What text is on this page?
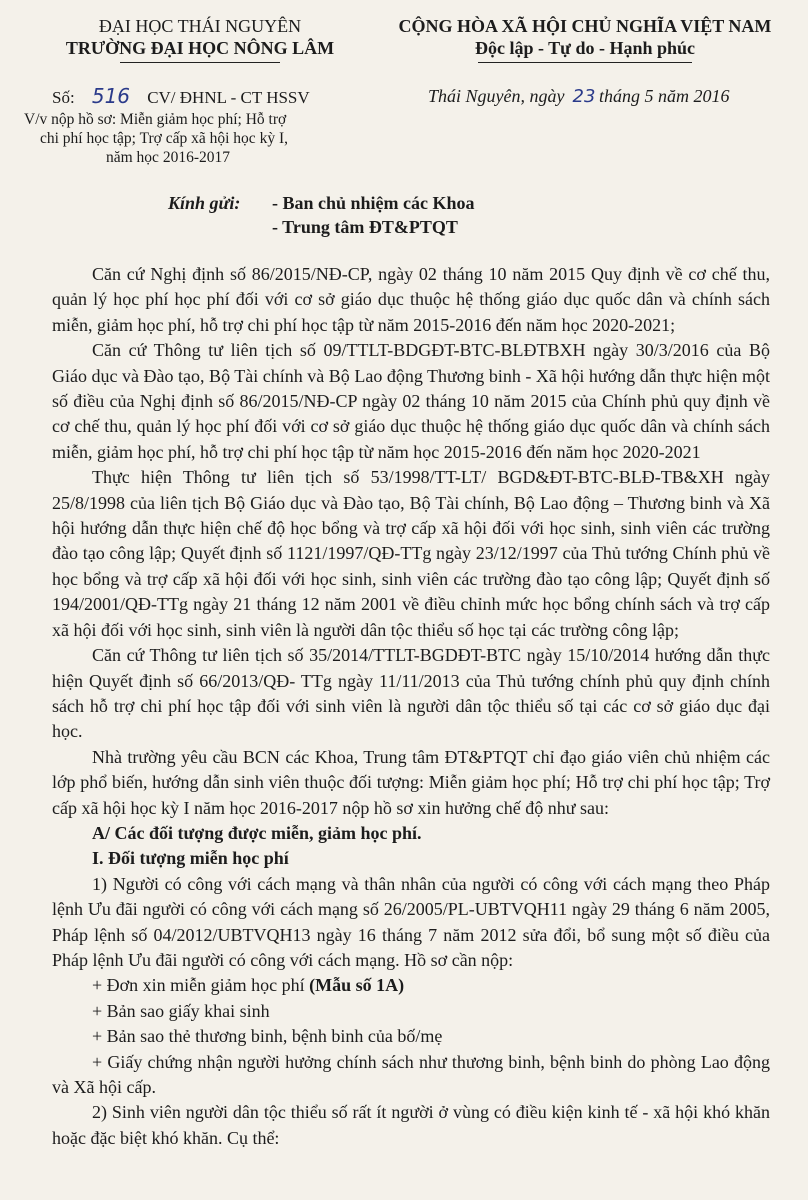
ĐẠI HỌC THÁI NGUYÊN
TRƯỜNG ĐẠI HỌC NÔNG LÂM
CỘNG HÒA XÃ HỘI CHỦ NGHĨA VIỆT NAM
Độc lập - Tự do - Hạnh phúc
Số: 516 CV/ ĐHNL - CT HSSV	Thái Nguyên, ngày 23 tháng 5 năm 2016
V/v nộp hồ sơ: Miễn giảm học phí; Hỗ trợ
chi phí học tập; Trợ cấp xã hội học kỳ I,
năm học 2016-2017
Kính gửi: - Ban chủ nhiệm các Khoa
- Trung tâm ĐT&PTQT

Căn cứ Nghị định số 86/2015/NĐ-CP, ngày 02 tháng 10 năm 2015 Quy định về cơ chế thu, quản lý học phí học phí đối với cơ sở giáo dục thuộc hệ thống giáo dục quốc dân và chính sách miễn, giảm học phí, hỗ trợ chi phí học tập từ năm 2015-2016 đến năm học 2020-2021;

Căn cứ Thông tư liên tịch số 09/TTLT-BDGĐT-BTC-BLĐTBXH ngày 30/3/2016 của Bộ Giáo dục và Đào tạo, Bộ Tài chính và Bộ Lao động Thương binh - Xã hội hướng dẫn thực hiện một số điều của Nghị định số 86/2015/NĐ-CP ngày 02 tháng 10 năm 2015 của Chính phủ quy định về cơ chế thu, quản lý học phí đối với cơ sở giáo dục thuộc hệ thống giáo dục quốc dân và chính sách miễn, giảm học phí, hỗ trợ chi phí học tập từ năm học 2015-2016 đến năm học 2020-2021

Thực hiện Thông tư liên tịch số 53/1998/TT-LT/ BGD&ĐT-BTC-BLĐ-TB&XH ngày 25/8/1998 của liên tịch Bộ Giáo dục và Đào tạo, Bộ Tài chính, Bộ Lao động – Thương binh và Xã hội hướng dẫn thực hiện chế độ học bổng và trợ cấp xã hội đối với học sinh, sinh viên các trường đào tạo công lập; Quyết định số 1121/1997/QĐ-TTg ngày 23/12/1997 của Thủ tướng Chính phủ về học bổng và trợ cấp xã hội đối với học sinh, sinh viên các trường đào tạo công lập; Quyết định số 194/2001/QĐ-TTg ngày 21 tháng 12 năm 2001 về điều chỉnh mức học bổng chính sách và trợ cấp xã hội đối với học sinh, sinh viên là người dân tộc thiểu số học tại các trường công lập;

Căn cứ Thông tư liên tịch số 35/2014/TTLT-BGDĐT-BTC ngày 15/10/2014 hướng dẫn thực hiện Quyết định số 66/2013/QĐ- TTg ngày 11/11/2013 của Thủ tướng chính phủ quy định chính sách hỗ trợ chi phí học tập đối với sinh viên là người dân tộc thiểu số tại các cơ sở giáo dục đại học.

Nhà trường yêu cầu BCN các Khoa, Trung tâm ĐT&PTQT chỉ đạo giáo viên chủ nhiệm các lớp phổ biến, hướng dẫn sinh viên thuộc đối tượng: Miễn giảm học phí; Hỗ trợ chi phí học tập; Trợ cấp xã hội học kỳ I năm học 2016-2017 nộp hồ sơ xin hưởng chế độ như sau:

A/ Các đối tượng được miễn, giảm học phí.

I. Đối tượng miễn học phí

1) Người có công với cách mạng và thân nhân của người có công với cách mạng theo Pháp lệnh Ưu đãi người có công với cách mạng số 26/2005/PL-UBTVQH11 ngày 29 tháng 6 năm 2005, Pháp lệnh số 04/2012/UBTVQH13 ngày 16 tháng 7 năm 2012 sửa đổi, bổ sung một số điều của Pháp lệnh Ưu đãi người có công với cách mạng. Hồ sơ cần nộp:

+ Đơn xin miễn giảm học phí (Mẫu số 1A)

+ Bản sao giấy khai sinh

+ Bản sao thẻ thương binh, bệnh binh của bố/mẹ

+ Giấy chứng nhận người hưởng chính sách như thương binh, bệnh binh do phòng Lao động và Xã hội cấp.

2) Sinh viên người dân tộc thiểu số rất ít người ở vùng có điều kiện kinh tế - xã hội khó khăn hoặc đặc biệt khó khăn. Cụ thể:
